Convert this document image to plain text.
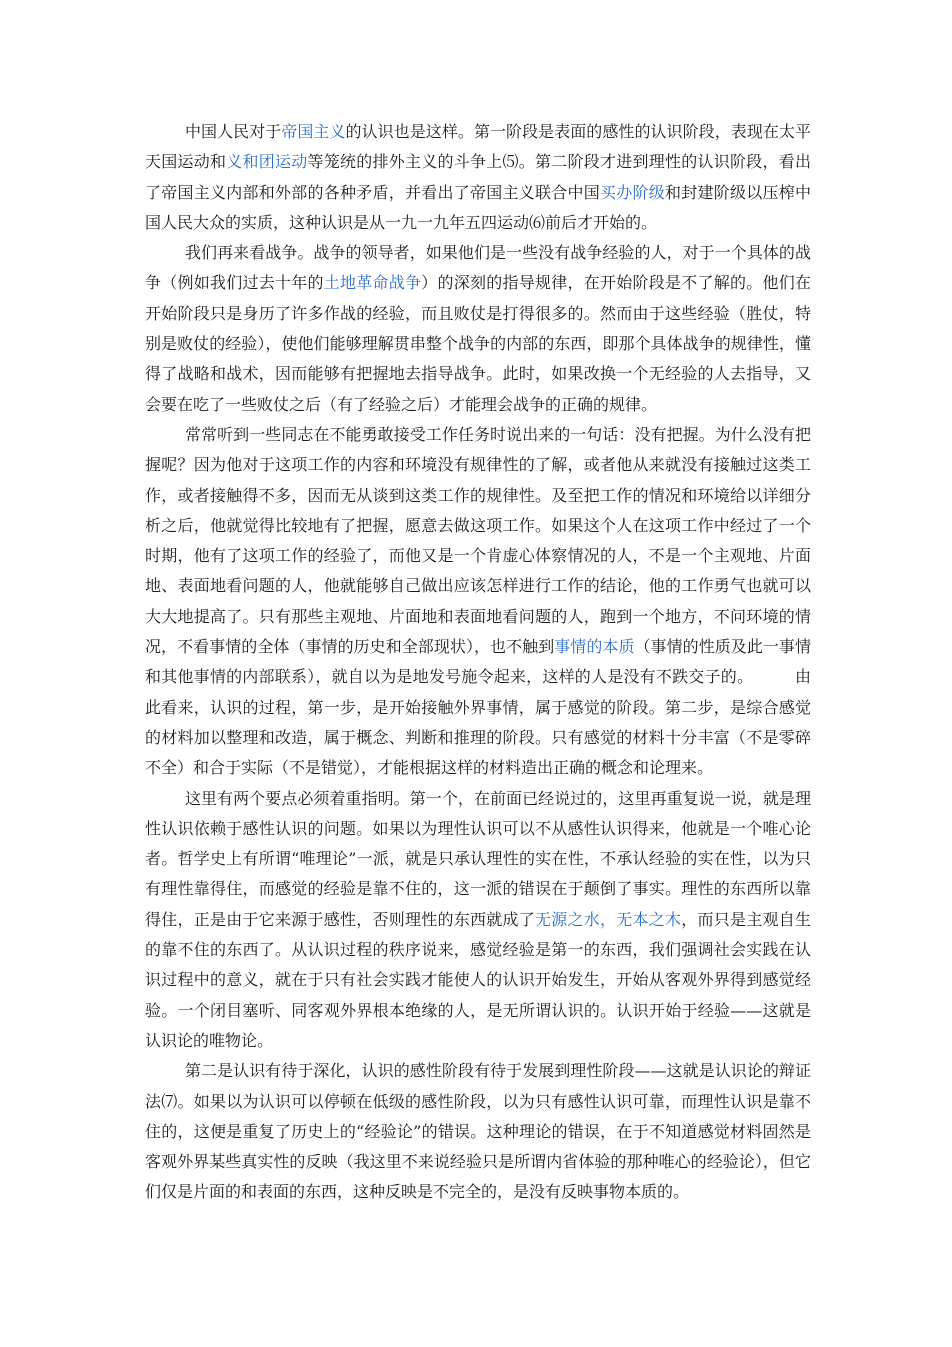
中国人民对于帝国主义的认识也是这样。第一阶段是表面的感性的认识阶段，表现在太平天国运动和义和团运动等笼统的排外主义的斗争上⑸。第二阶段才进到理性的认识阶段，看出了帝国主义内部和外部的各种矛盾，并看出了帝国主义联合中国买办阶级和封建阶级以压榨中国人民大众的实质，这种认识是从一九一九年五四运动⑹前后才开始的。

我们再来看战争。战争的领导者，如果他们是一些没有战争经验的人，对于一个具体的战争（例如我们过去十年的土地革命战争）的深刻的指导规律，在开始阶段是不了解的。他们在开始阶段只是身历了许多作战的经验，而且败仗是打得很多的。然而由于这些经验（胜仗，特别是败仗的经验），使他们能够理解贯串整个战争的内部的东西，即那个具体战争的规律性，懂得了战略和战术，因而能够有把握地去指导战争。此时，如果改换一个无经验的人去指导，又会要在吃了一些败仗之后（有了经验之后）才能理会战争的正确的规律。

常常听到一些同志在不能勇敢接受工作任务时说出来的一句话：没有把握。为什么没有把握呢？因为他对于这项工作的内容和环境没有规律性的了解，或者他从来就没有接触过这类工作，或者接触得不多，因而无从谈到这类工作的规律性。及至把工作的情况和环境给以详细分析之后，他就觉得比较地有了把握，愿意去做这项工作。如果这个人在这项工作中经过了一个时期，他有了这项工作的经验了，而他又是一个肯虚心体察情况的人，不是一个主观地、片面地、表面地看问题的人，他就能够自己做出应该怎样进行工作的结论，他的工作勇气也就可以大大地提高了。只有那些主观地、片面地和表面地看问题的人，跑到一个地方，不问环境的情况，不看事情的全体（事情的历史和全部现状），也不触到事情的本质（事情的性质及此一事情和其他事情的内部联系），就自以为是地发号施令起来，这样的人是没有不跌交子的。	由此看来，认识的过程，第一步，是开始接触外界事情，属于感觉的阶段。第二步，是综合感觉的材料加以整理和改造，属于概念、判断和推理的阶段。只有感觉的材料十分丰富（不是零碎不全）和合于实际（不是错觉），才能根据这样的材料造出正确的概念和论理来。

这里有两个要点必须着重指明。第一个，在前面已经说过的，这里再重复说一说，就是理性认识依赖于感性认识的问题。如果以为理性认识可以不从感性认识得来，他就是一个唯心论者。哲学史上有所谓“唯理论”一派，就是只承认理性的实在性，不承认经验的实在性，以为只有理性靠得住，而感觉的经验是靠不住的，这一派的错误在于颠倒了事实。理性的东西所以靠得住，正是由于它来源于感性，否则理性的东西就成了无源之水，无本之木，而只是主观自生的靠不住的东西了。从认识过程的秩序说来，感觉经验是第一的东西，我们强调社会实践在认识过程中的意义，就在于只有社会实践才能使人的认识开始发生，开始从客观外界得到感觉经验。一个闭目塞听、同客观外界根本绝缘的人，是无所谓认识的。认识开始于经验——这就是认识论的唯物论。

第二是认识有待于深化，认识的感性阶段有待于发展到理性阶段——这就是认识论的辩证法⑺。如果以为认识可以停顿在低级的感性阶段，以为只有感性认识可靠，而理性认识是靠不住的，这便是重复了历史上的“经验论”的错误。这种理论的错误，在于不知道感觉材料固然是客观外界某些真实性的反映（我这里不来说经验只是所谓内省体验的那种唯心的经验论），但它们仅是片面的和表面的东西，这种反映是不完全的，是没有反映事物本质的。
